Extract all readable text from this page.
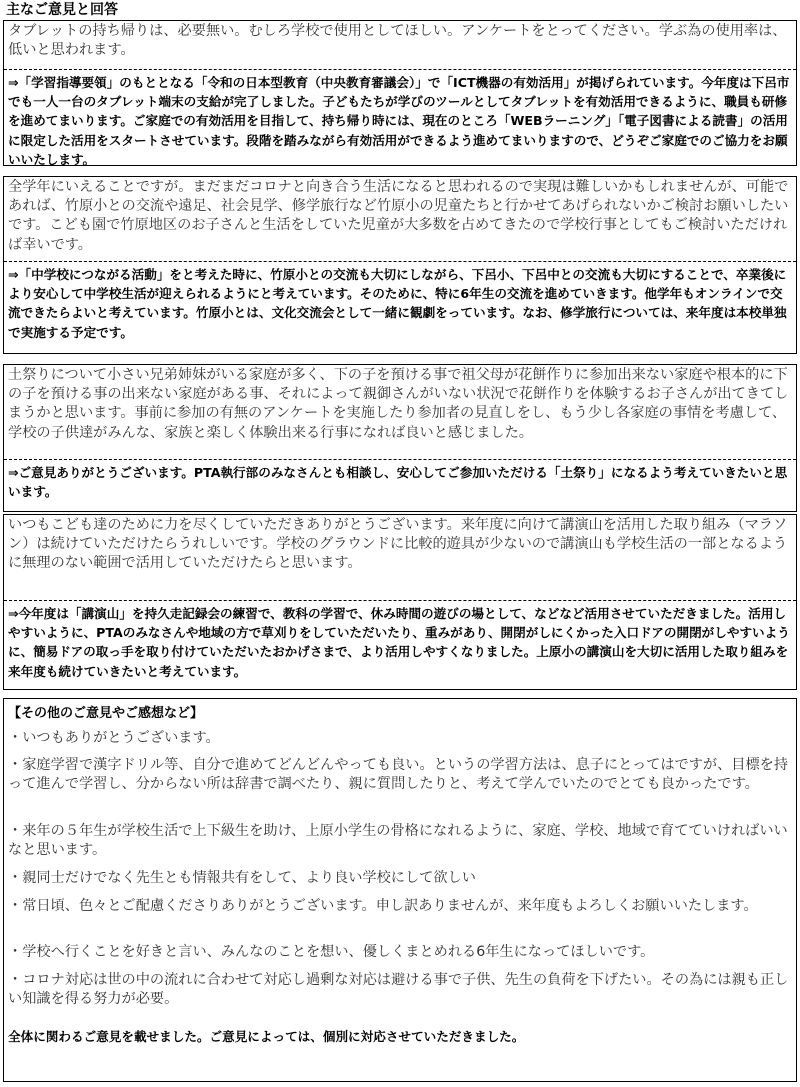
主なご意見と回答
タブレットの持ち帰りは、必要無い。むしろ学校で使用としてほしい。アンケートをとってください。学ぶ為の使用率は、低いと思われます。
⇒「学習指導要領」のもととなる「令和の日本型教育（中央教育審議会）」で「ICT機器の有効活用」が掲げられています。今年度は下呂市でも一人一台のタブレット端末の支給が完了しました。子どもたちが学びのツールとしてタブレットを有効活用できるように、職員も研修を進めてまいります。ご家庭での有効活用を目指して、持ち帰り時には、現在のところ「WEBラーニング」「電子図書による読書」の活用に限定した活用をスタートさせています。段階を踏みながら有効活用ができるよう進めてまいりますので、どうぞご家庭でのご協力をお願いいたします。
全学年にいえることですが。まだまだコロナと向き合う生活になると思われるので実現は難しいかもしれませんが、可能であれば、竹原小との交流や遠足、社会見学、修学旅行など竹原小の児童たちと行かせてあげられないかご検討お願いしたいです。こども園で竹原地区のお子さんと生活をしていた児童が大多数を占めてきたので学校行事としてもご検討いただければ幸いです。
⇒「中学校につながる活動」をと考えた時に、竹原小との交流も大切にしながら、下呂小、下呂中との交流も大切にすることで、卒業後により安心して中学校生活が迎えられるようにと考えています。そのために、特に6年生の交流を進めていきます。他学年もオンラインで交流できたらよいと考えています。竹原小とは、文化交流会として一緒に観劇をっています。なお、修学旅行については、来年度は本校単独で実施する予定です。
土祭りについて小さい兄弟姉妹がいる家庭が多く、下の子を預ける事で祖父母が花餅作りに参加出来ない家庭や根本的に下の子を預ける事の出来ない家庭がある事、それによって親御さんがいない状況で花餅作りを体験するお子さんが出てきてしまうかと思います。事前に参加の有無のアンケートを実施したり参加者の見直しをし、もう少し各家庭の事情を考慮して、学校の子供達がみんな、家族と楽しく体験出来る行事になれば良いと感じました。
⇒ご意見ありがとうございます。PTA執行部のみなさんとも相談し、安心してご参加いただける「土祭り」になるよう考えていきたいと思います。
いつもこども達のために力を尽くしていただきありがとうございます。来年度に向けて講演山を活用した取り組み（マラソン）は続けていただけたらうれしいです。学校のグラウンドに比較的遊具が少ないので講演山も学校生活の一部となるように無理のない範囲で活用していただけたらと思います。
⇒今年度は「講演山」を持久走記録会の練習で、教科の学習で、休み時間の遊びの場として、などなど活用させていただきました。活用しやすいように、PTAのみなさんや地域の方で草刈りをしていただいたり、重みがあり、開閉がしにくかった入口ドアの開閉がしやすいように、簡易ドアの取っ手を取り付けていただいたおかげさまで、より活用しやすくなりました。上原小の講演山を大切に活用した取り組みを来年度も続けていきたいと考えています。
【その他のご意見やご感想など】
・いつもありがとうございます。
・家庭学習で漢字ドリル等、自分で進めてどんどんやっても良い。というの学習方法は、息子にとってはですが、目標を持って進んで学習し、分からない所は辞書で調べたり、親に質問したりと、考えて学んでいたのでとても良かったです。
・来年の５年生が学校生活で上下級生を助け、上原小学生の骨格になれるように、家庭、学校、地域で育てていければいいなと思います。
・親同士だけでなく先生とも情報共有をして、より良い学校にして欲しい
・常日頃、色々とご配慮くださりありがとうございます。申し訳ありませんが、来年度もよろしくお願いいたします。
・学校へ行くことを好きと言い、みんなのことを想い、優しくまとめれる6年生になってほしいです。
・コロナ対応は世の中の流れに合わせて対応し過剰な対応は避ける事で子供、先生の負荷を下げたい。その為には親も正しい知識を得る努力が必要。
全体に関わるご意見を載せました。ご意見によっては、個別に対応させていただきました。
